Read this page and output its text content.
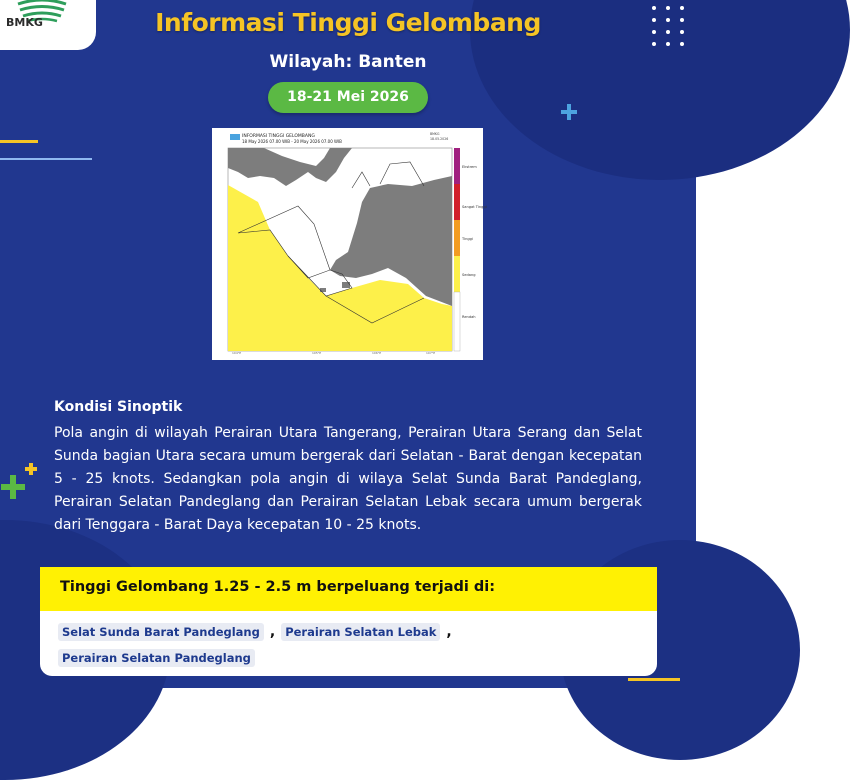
BMKG	Informasi Tinggi Gelombang
Wilayah: Banten
18-21 Mei 2026
INFORMASI TINGGI GELOMBANG
18 May 2026 07.00 WIB - 20 May 2026 07.00 WIB
BMKG
18.05.2026
104°E	105°E	106°E	107°E
Ekstrem
Sangat Tinggi
Tinggi
Sedang
Rendah
Kondisi Sinoptik
Pola angin di wilayah Perairan Utara Tangerang, Perairan Utara Serang dan Selat Sunda bagian Utara secara umum bergerak dari Selatan - Barat dengan kecepatan 5 - 25 knots. Sedangkan pola angin di wilaya Selat Sunda Barat Pandeglang, Perairan Selatan Pandeglang dan Perairan Selatan Lebak secara umum bergerak dari Tenggara - Barat Daya kecepatan 10 - 25 knots.
Tinggi Gelombang 1.25 - 2.5 m berpeluang terjadi di:
Selat Sunda Barat Pandeglang , Perairan Selatan Lebak ,
Perairan Selatan Pandeglang
